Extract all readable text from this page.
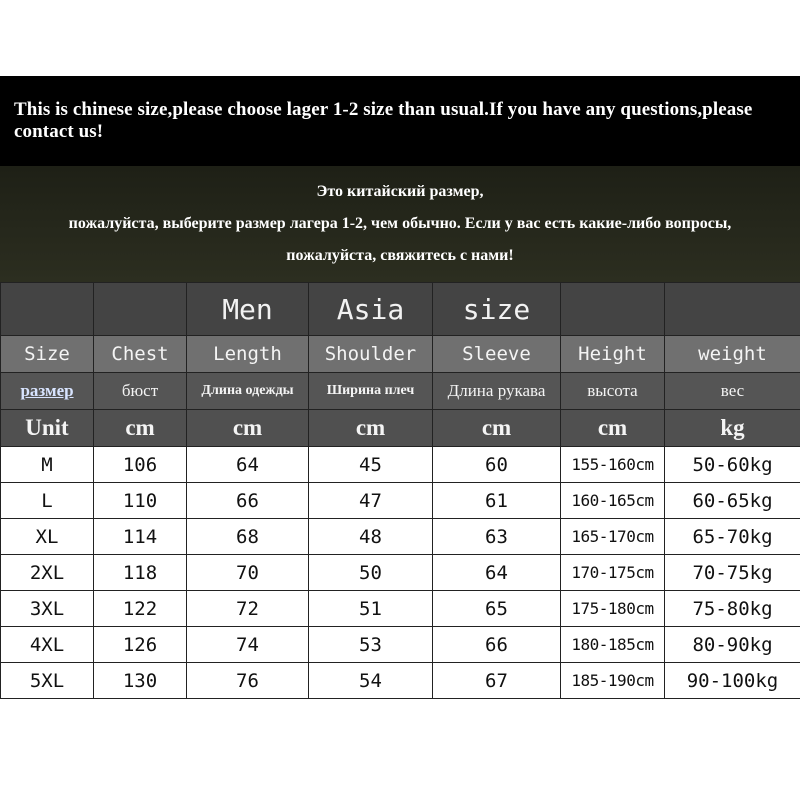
This is chinese size,please choose lager 1-2 size than usual.If you have any questions,please contact us!
Это китайский размер,
пожалуйста, выберите размер лагера 1-2, чем обычно. Если у вас есть какие-либо вопросы,
пожалуйста, свяжитесь с нами!
		Men	Asia	size		
Size	Chest	Length	Shoulder	Sleeve	Height	weight
размер	бюст	Длина одежды	Ширина плеч	Длина рукава	высота	вес
Unit	cm	cm	cm	cm	cm	kg
M	106	64	45	60	155-160cm	50-60kg
L	110	66	47	61	160-165cm	60-65kg
XL	114	68	48	63	165-170cm	65-70kg
2XL	118	70	50	64	170-175cm	70-75kg
3XL	122	72	51	65	175-180cm	75-80kg
4XL	126	74	53	66	180-185cm	80-90kg
5XL	130	76	54	67	185-190cm	90-100kg
